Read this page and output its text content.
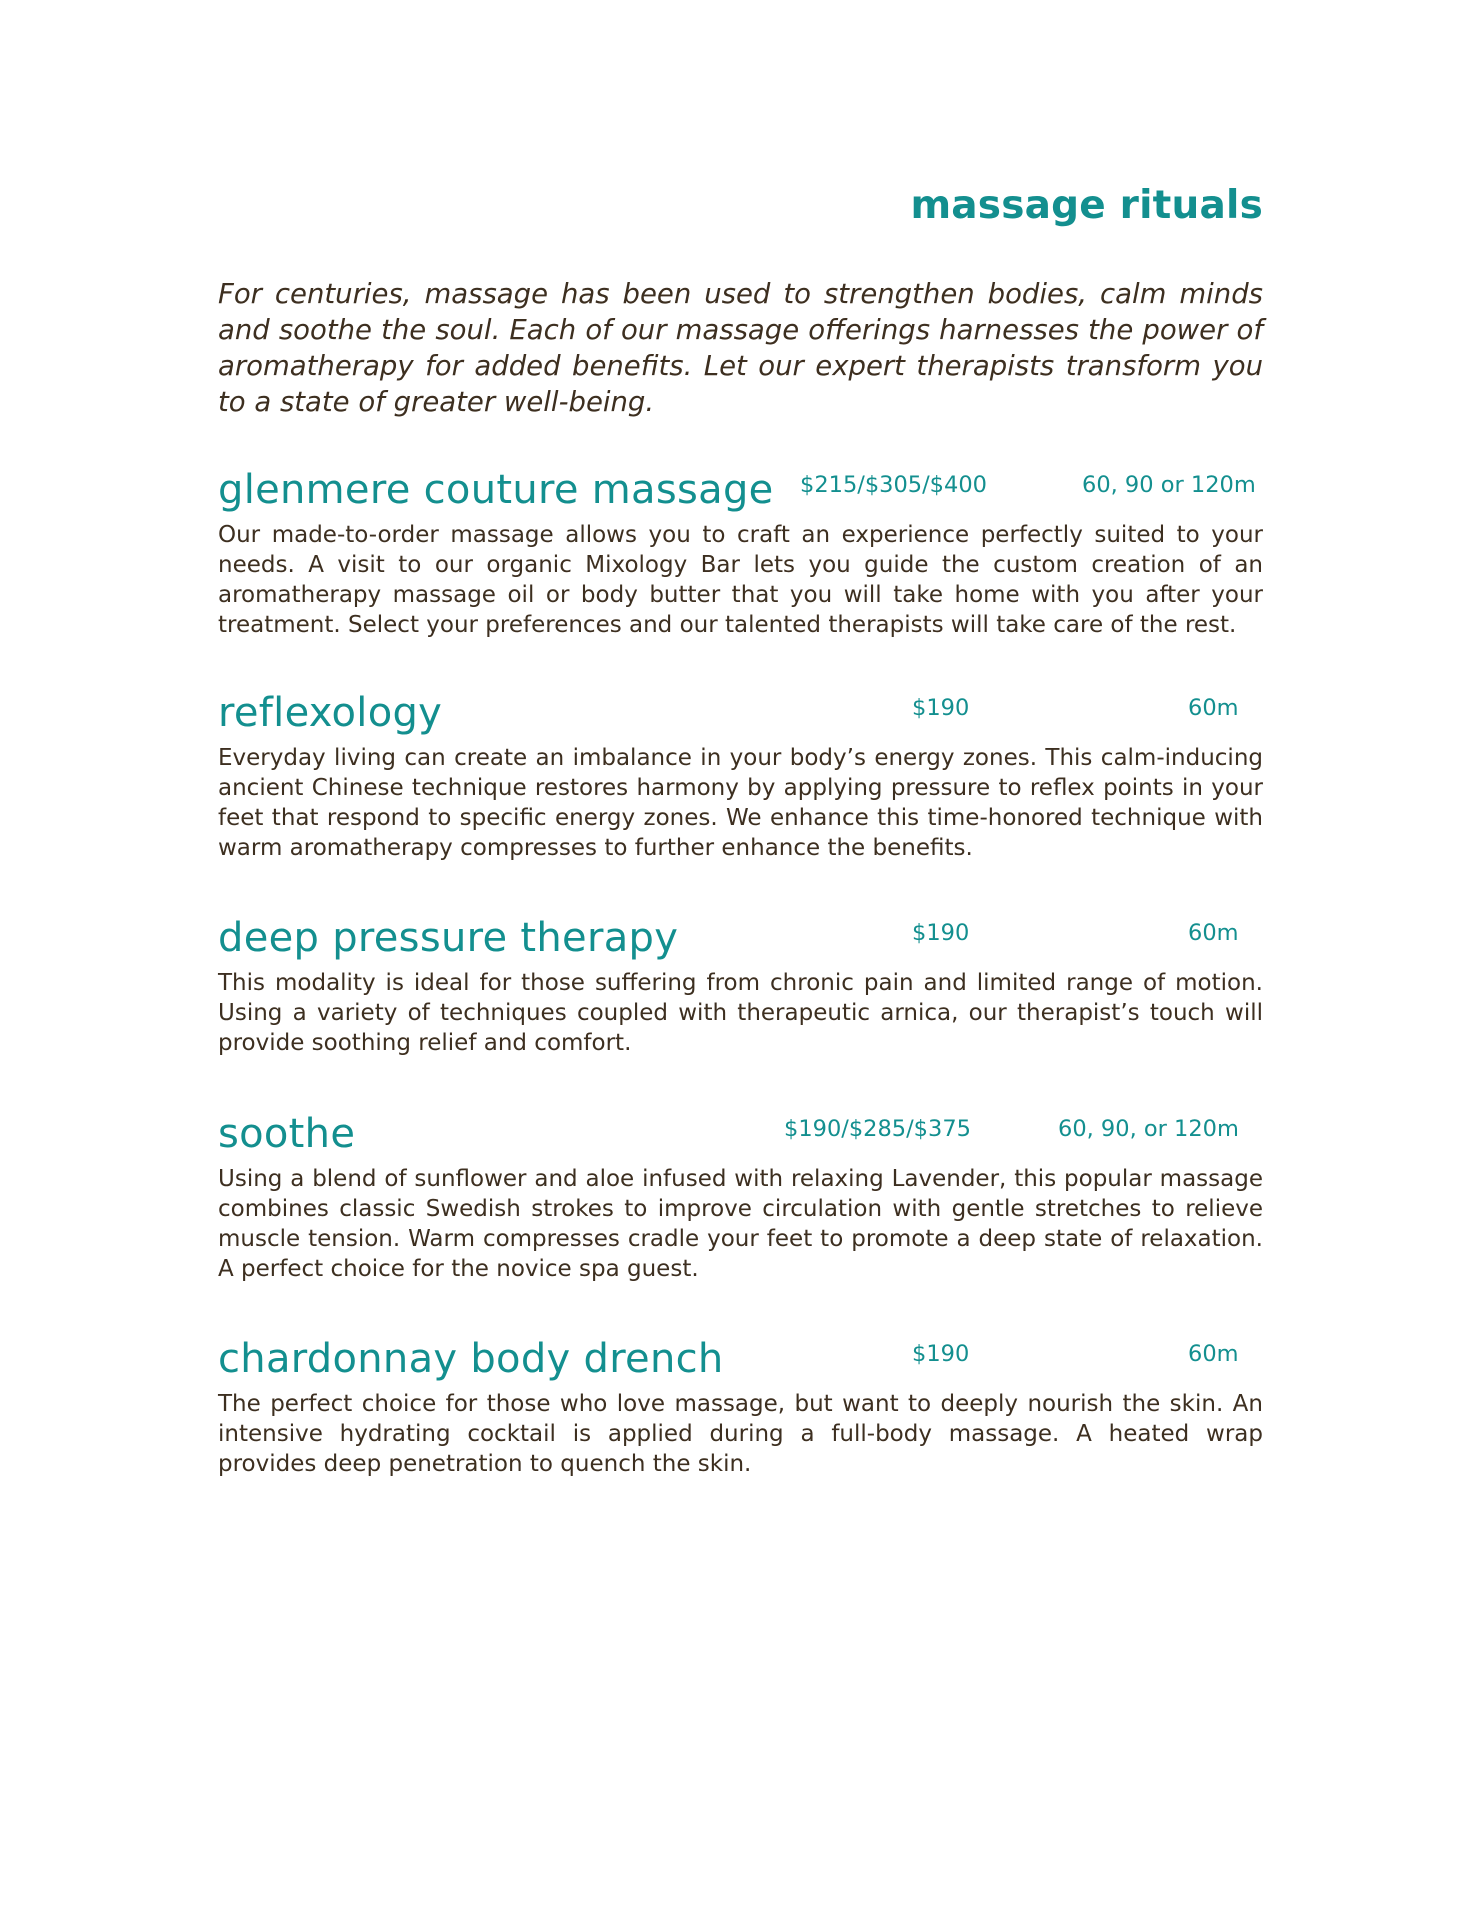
massage rituals
For centuries, massage has been used to strengthen bodies, calm minds and soothe the soul. Each of our massage offerings harnesses the power of aromatherapy for added benefits. Let our expert therapists transform you to a state of greater well-being.
glenmere couture massage $215/$305/$400	60, 90 or 120m
Our made-to-order massage allows you to craft an experience perfectly suited to your needs. A visit to our organic Mixology Bar lets you guide the custom creation of an aromatherapy massage oil or body butter that you will take home with you after your treatment. Select your preferences and our talented therapists will take care of the rest.
reflexology	$190	60m
Everyday living can create an imbalance in your body’s energy zones. This calm-inducing ancient Chinese technique restores harmony by applying pressure to reflex points in your feet that respond to specific energy zones. We enhance this time-honored technique with warm aromatherapy compresses to further enhance the benefits.
deep pressure therapy	$190	60m
This modality is ideal for those suffering from chronic pain and limited range of motion. Using a variety of techniques coupled with therapeutic arnica, our therapist’s touch will provide soothing relief and comfort.
soothe	$190/$285/$375	60, 90, or 120m
Using a blend of sunflower and aloe infused with relaxing Lavender, this popular massage combines classic Swedish strokes to improve circulation with gentle stretches to relieve muscle tension. Warm compresses cradle your feet to promote a deep state of relaxation. A perfect choice for the novice spa guest.
chardonnay body drench	$190	60m
The perfect choice for those who love massage, but want to deeply nourish the skin. An intensive hydrating cocktail is applied during a full-body massage. A heated wrap provides deep penetration to quench the skin.
